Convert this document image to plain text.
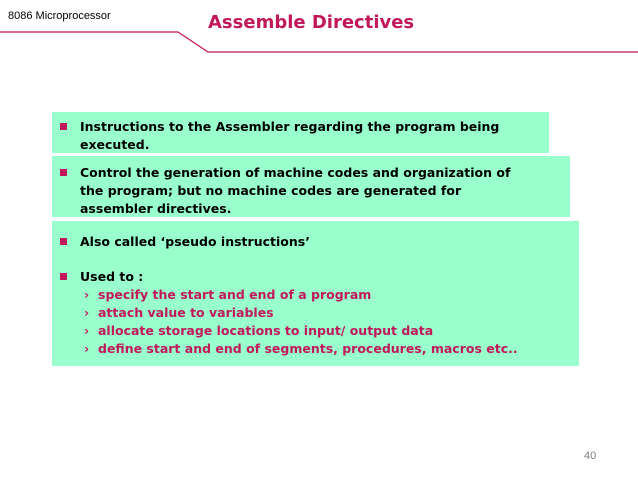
8086 Microprocessor	Assemble Directives
Instructions to the Assembler regarding the program being
executed.
Control the generation of machine codes and organization of
the program; but no machine codes are generated for
assembler directives.
Also called ‘pseudo instructions’
Used to :
› specify the start and end of a program
› attach value to variables
› allocate storage locations to input/ output data
› define start and end of segments, procedures, macros etc..
40
